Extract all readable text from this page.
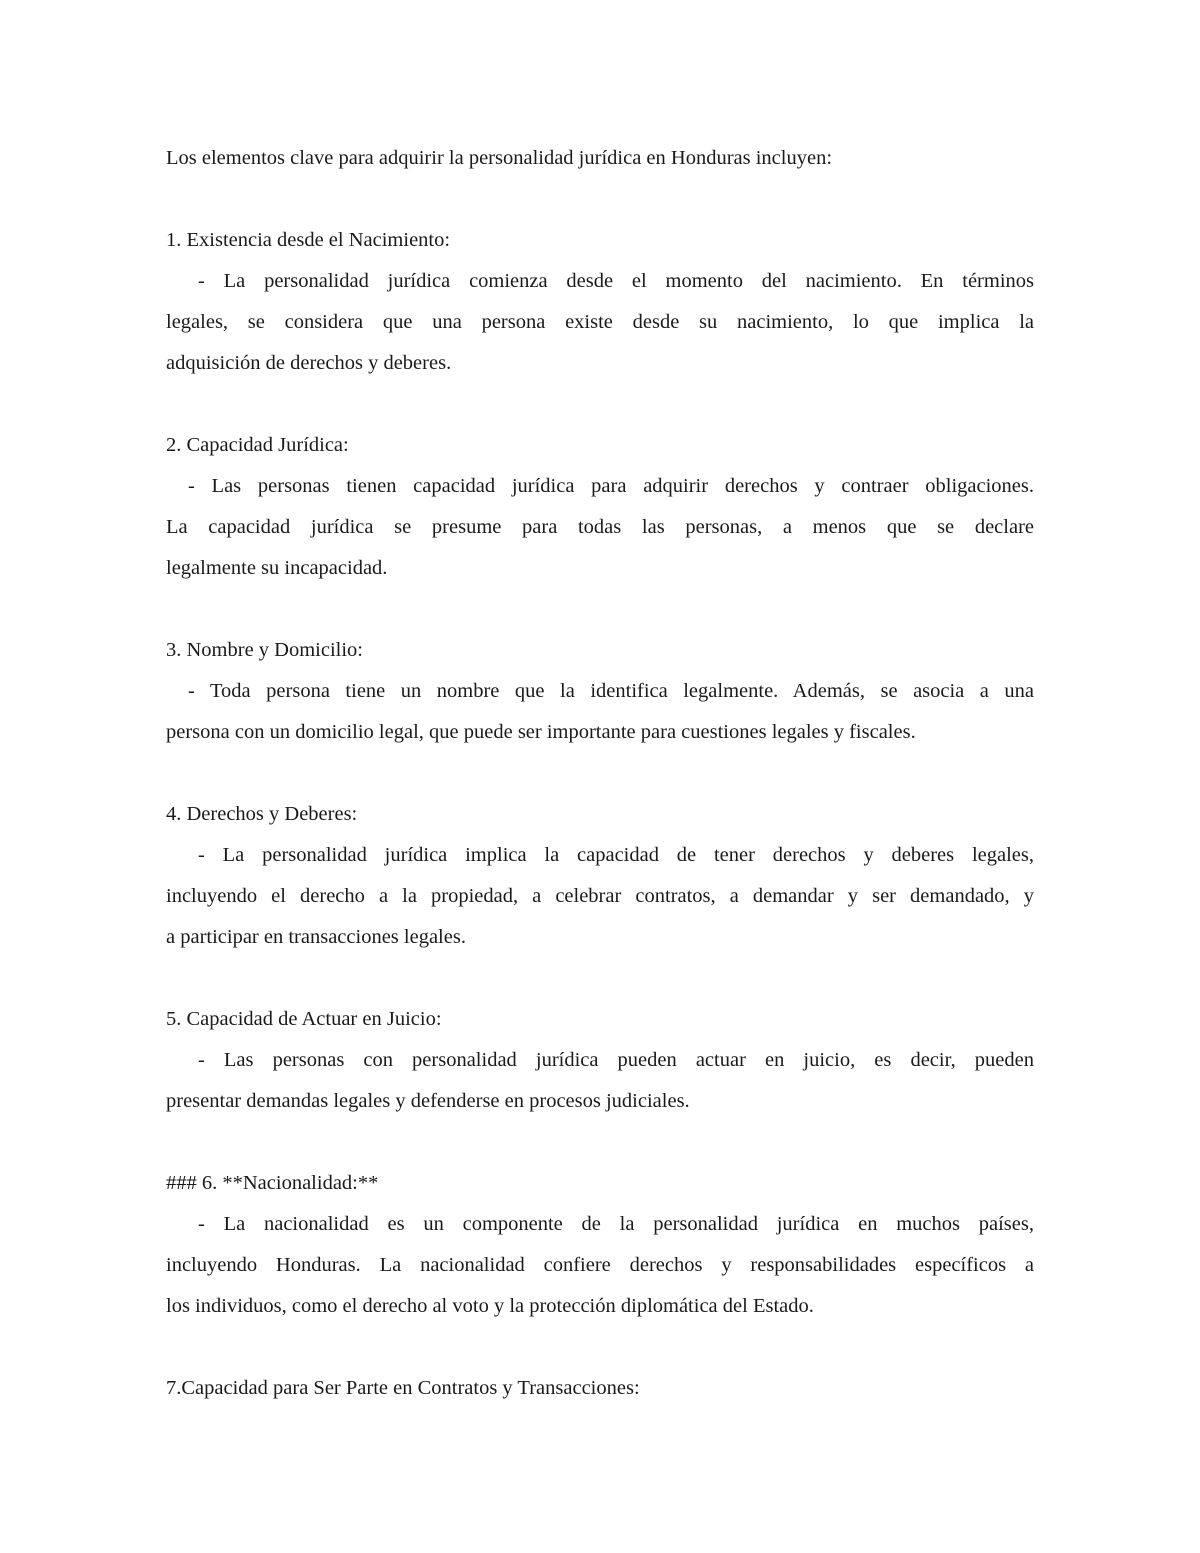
Los elementos clave para adquirir la personalidad jurídica en Honduras incluyen:
1. Existencia desde el Nacimiento:
- La personalidad jurídica comienza desde el momento del nacimiento. En términos
legales, se considera que una persona existe desde su nacimiento, lo que implica la
adquisición de derechos y deberes.
2. Capacidad Jurídica:
- Las personas tienen capacidad jurídica para adquirir derechos y contraer obligaciones.
La capacidad jurídica se presume para todas las personas, a menos que se declare
legalmente su incapacidad.
3. Nombre y Domicilio:
- Toda persona tiene un nombre que la identifica legalmente. Además, se asocia a una
persona con un domicilio legal, que puede ser importante para cuestiones legales y fiscales.
4. Derechos y Deberes:
- La personalidad jurídica implica la capacidad de tener derechos y deberes legales,
incluyendo el derecho a la propiedad, a celebrar contratos, a demandar y ser demandado, y
a participar en transacciones legales.
5. Capacidad de Actuar en Juicio:
- Las personas con personalidad jurídica pueden actuar en juicio, es decir, pueden
presentar demandas legales y defenderse en procesos judiciales.
### 6. **Nacionalidad:**
- La nacionalidad es un componente de la personalidad jurídica en muchos países,
incluyendo Honduras. La nacionalidad confiere derechos y responsabilidades específicos a
los individuos, como el derecho al voto y la protección diplomática del Estado.
7.Capacidad para Ser Parte en Contratos y Transacciones:
